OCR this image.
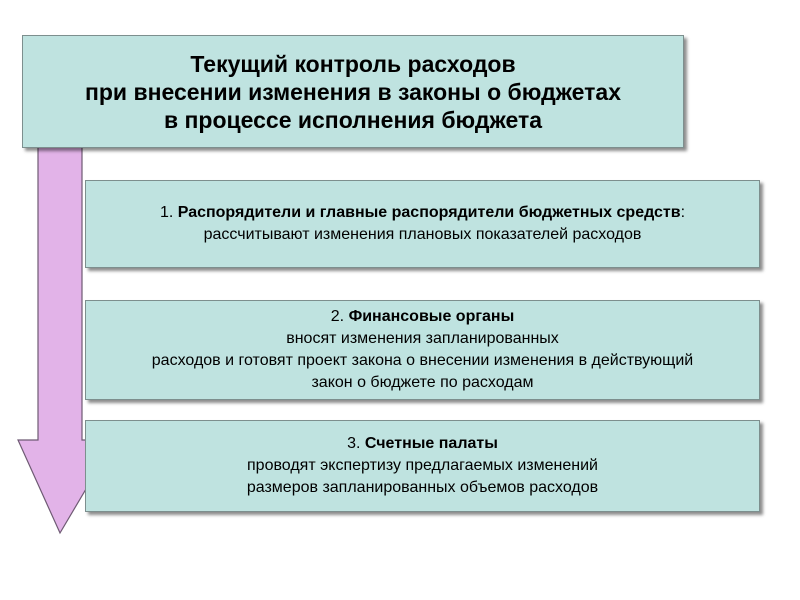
Текущий контроль расходов
при внесении изменения в законы о бюджетах
в процессе исполнения бюджета
1. Распорядители и главные распорядители бюджетных средств:
рассчитывают изменения плановых показателей расходов
2. Финансовые органы
вносят изменения запланированных
расходов и готовят проект закона о внесении изменения в действующий
закон о бюджете по расходам
3. Счетные палаты
проводят экспертизу предлагаемых изменений
размеров запланированных объемов расходов
